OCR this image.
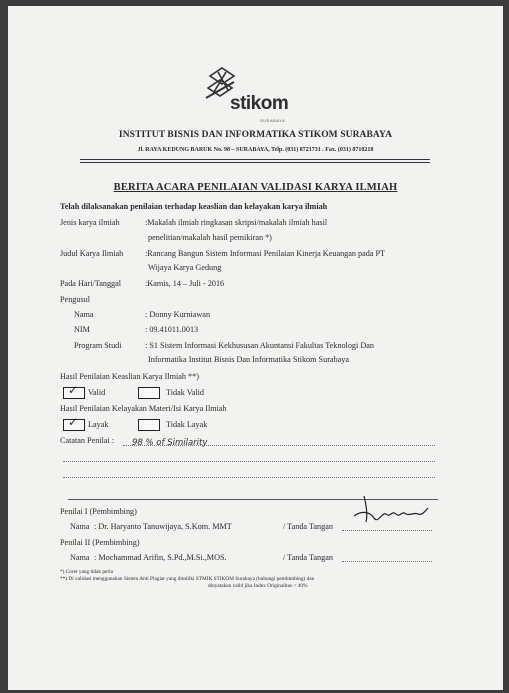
stikom
SURABAYA
INSTITUT BISNIS DAN INFORMATIKA STIKOM SURABAYA
Jl. RAYA KEDUNG BARUK No. 98 – SURABAYA, Telp. (031) 8721731 . Fax. (031) 8710218
BERITA ACARA PENILAIAN VALIDASI KARYA ILMIAH
Telah dilaksanakan penilaian terhadap keaslian dan kelayakan karya ilmiah
Jenis karya ilmiah	:Makalah ilmiah ringkasan skripsi/makalah ilmiah hasil
penelitian/makalah hasil pemikiran *)
Judul Karya Ilmiah	:Rancang Bangun Sistem Informasi Penilaian Kinerja Keuangan pada PT
Wijaya Karya Gedung
Pada Hari/Tanggal	:Kamis, 14 – Juli - 2016
Pengusul
Nama	: Donny Kurniawan
NIM	: 09.41011.0013
Program Studi	: S1 Sistem Informasi Kekhususan Akuntansi Fakultas Teknologi Dan
Informatika Institut Bisnis Dan Informatika Stikom Surabaya
Hasil Penilaian Keaslian Karya Ilmiah **)
✓ Valid	Tidak Valid
Hasil Penilaian Kelayakan Materi/Isi Karya Ilmiah
✓ Layak	Tidak Layak
Catatan Penilai : 98 % of Similarity
Penilai I (Pembimbing)
Nama : Dr. Haryanto Tanuwijaya, S.Kom. MMT	/ Tanda Tangan
Penilai II (Pembimbing)
Nama : Mochammad Arifin, S.Pd.,M.Si.,MOS.	/ Tanda Tangan
*) Coret yang tidak perlu
**) Di validasi menggunakan Sistem Anti Plagiat yang dimiliki STMIK STIKOM Surabaya (hubungi pembimbing) dan
dinyatakan valid jika Index Originalitas < 40%
